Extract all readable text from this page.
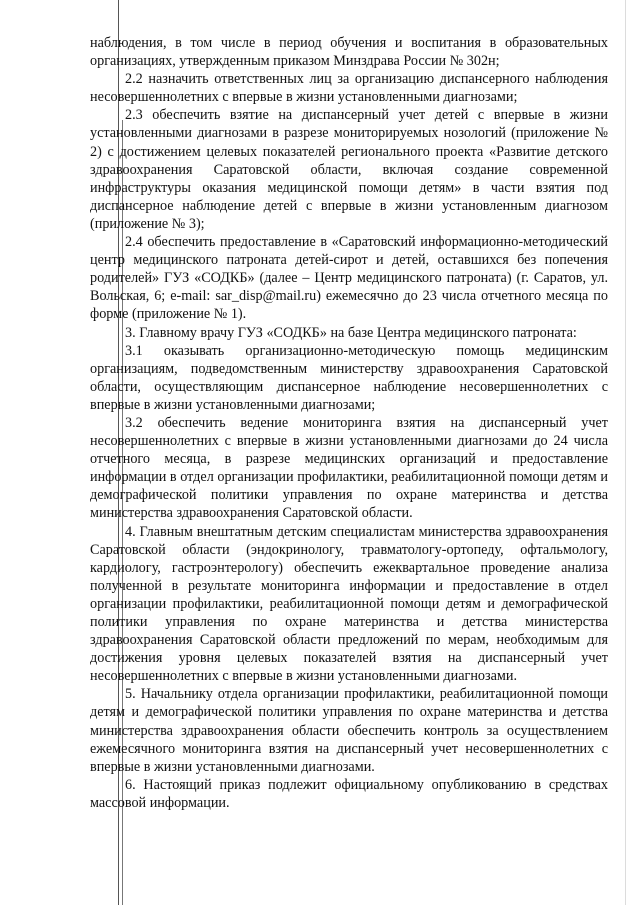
наблюдения, в том числе в период обучения и воспитания в образовательных организациях, утвержденным приказом Минздрава России № 302н;

2.2 назначить ответственных лиц за организацию диспансерного наблюдения несовершеннолетних с впервые в жизни установленными диагнозами;

2.3 обеспечить взятие на диспансерный учет детей с впервые в жизни установленными диагнозами в разрезе мониторируемых нозологий (приложение № 2) с достижением целевых показателей регионального проекта «Развитие детского здравоохранения Саратовской области, включая создание современной инфраструктуры оказания медицинской помощи детям» в части взятия под диспансерное наблюдение детей с впервые в жизни установленным диагнозом (приложение № 3);

2.4 обеспечить предоставление в «Саратовский информационно-методический центр медицинского патроната детей-сирот и детей, оставшихся без попечения родителей» ГУЗ «СОДКБ» (далее – Центр медицинского патроната) (г. Саратов, ул. Вольская, 6; e-mail: sar_disp@mail.ru) ежемесячно до 23 числа отчетного месяца по форме (приложение № 1).

3. Главному врачу ГУЗ «СОДКБ» на базе Центра медицинского патроната:

3.1 оказывать организационно-методическую помощь медицинским организациям, подведомственным министерству здравоохранения Саратовской области, осуществляющим диспансерное наблюдение несовершеннолетних с впервые в жизни установленными диагнозами;

3.2 обеспечить ведение мониторинга взятия на диспансерный учет несовершеннолетних с впервые в жизни установленными диагнозами до 24 числа отчетного месяца, в разрезе медицинских организаций и предоставление информации в отдел организации профилактики, реабилитационной помощи детям и демографической политики управления по охране материнства и детства министерства здравоохранения Саратовской области.

4. Главным внештатным детским специалистам министерства здравоохранения Саратовской области (эндокринологу, травматологу-ортопеду, офтальмологу, кардиологу, гастроэнтерологу) обеспечить ежеквартальное проведение анализа полученной в результате мониторинга информации и предоставление в отдел организации профилактики, реабилитационной помощи детям и демографической политики управления по охране материнства и детства министерства здравоохранения Саратовской области предложений по мерам, необходимым для достижения уровня целевых показателей взятия на диспансерный учет несовершеннолетних с впервые в жизни установленными диагнозами.

5. Начальнику отдела организации профилактики, реабилитационной помощи детям и демографической политики управления по охране материнства и детства министерства здравоохранения области обеспечить контроль за осуществлением ежемесячного мониторинга взятия на диспансерный учет несовершеннолетних с впервые в жизни установленными диагнозами.

6. Настоящий приказ подлежит официальному опубликованию в средствах массовой информации.
